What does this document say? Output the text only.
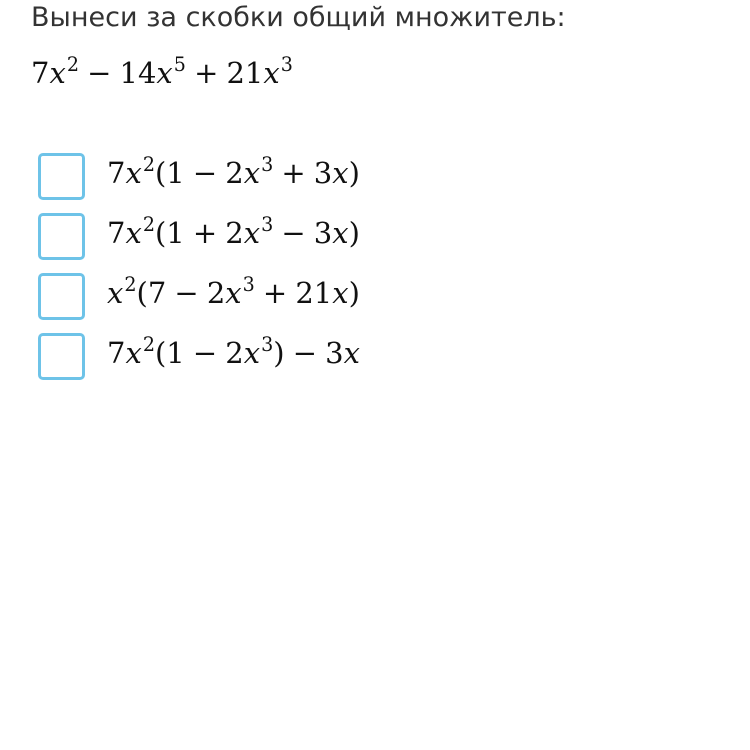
Вынеси за скобки общий множитель:
$7x^2 - 14x^5 + 21x^3$
$7x^2(1 - 2x^3 + 3x)$
$7x^2(1 + 2x^3 - 3x)$
$x^2(7 - 2x^3 + 21x)$
$7x^2(1 - 2x^3) - 3x$
